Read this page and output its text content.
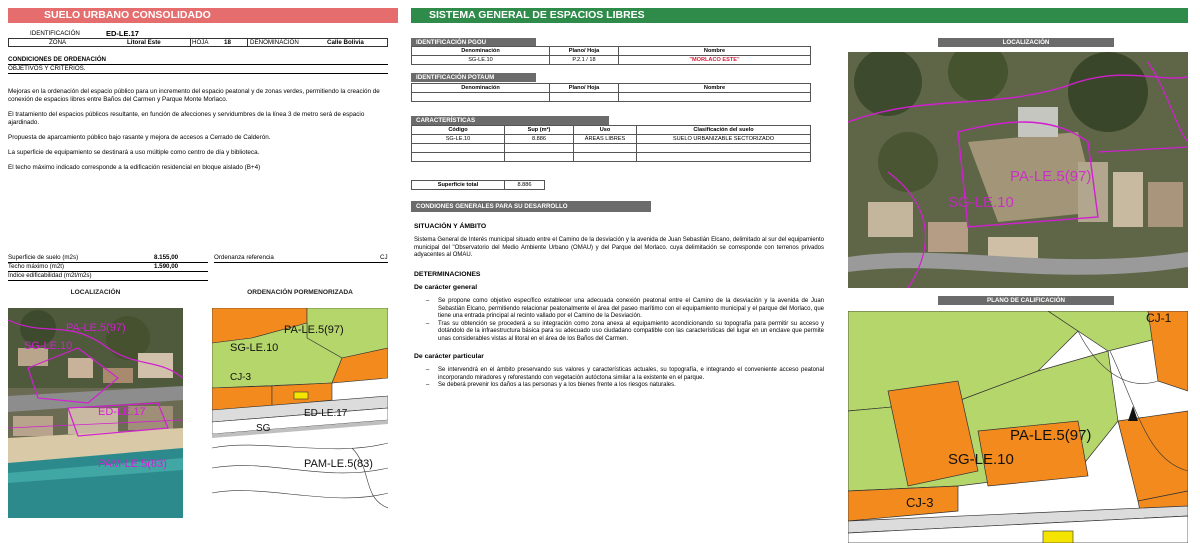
SUELO URBANO CONSOLIDADO
IDENTIFICACIÓN	ED-LE.17
ZONA	Litoral Este	HOJA 18	DENOMINACIÓN	Calle Bolivia
CONDICIONES DE ORDENACIÓN
OBJETIVOS Y CRITERIOS.

Mejoras en la ordenación del espacio público para un incremento del espacio peatonal y de zonas verdes, permitiendo la creación de conexión de espacios libres entre Baños del Carmen y Parque Monte Morlaco.

El tratamiento del espacios públicos resultante, en función de afecciones y servidumbres de la línea 3 de metro será de espacio ajardinado.

Propuesta de aparcamiento público bajo rasante y mejora de accesos a Cerrado de Calderón.

La superficie de equipamiento se destinará a uso múltiple como centro de día y biblioteca.

El techo máximo indicado corresponde a la edificación residencial en bloque aislado (B+4)

Superficie de suelo (m2s)	8.155,00	Ordenanza referencia	CJ
Techo máximo (m2t)	1.590,00
Índice edificabilidad (m2t/m2s)
LOCALIZACIÓN	ORDENACIÓN PORMENORIZADA
PA-LE.5(97)
SG-LE.10
ED-LE.17
PAM-LE.5(83)
PA-LE.5(97)
SG-LE.10
CJ-3
ED-LE.17
SG
PAM-LE.5(83)
SISTEMA GENERAL DE ESPACIOS LIBRES
IDENTIFICACIÓN PGOU
Denominación	Plano/ Hoja	Nombre
SG-LE.10	P.2.1 / 18	"MORLACO ESTE"
IDENTIFICACIÓN POTAUM
Denominación	Plano/ Hoja	Nombre

CARACTERÍSTICAS
Código	Sup (m²)	Uso	Clasificación del suelo
SG-LE.10	8.886	ÁREAS LIBRES	SUELO URBANIZABLE SECTORIZADO

Superficie total	8.886
CONDIONES GENERALES PARA SU DESARROLLO
SITUACIÓN Y ÁMBITO
Sistema General de Interés municipal situado entre el Camino de la desviación y la avenida de Juan Sebastián Elcano, delimitado al sur del equipamiento municipal del "Observatorio del Medio Ambiente Urbano (OMAU) y del Parque del Morlaco. cuya delimitación se corresponde con terrenos privados adyacentes al OMAU.
DETERMINACIONES
De carácter general
– Se propone como objetivo específico establecer una adecuada conexión peatonal entre el Camino de la desviación y la avenida de Juan Sebastián Elcano, permitiendo relacionar peatonalmente el área del paseo marítimo con el equipamiento municipal y el parque del Morlaco, que tiene una entrada principal al recinto vallado por el Camino de la Desviación.
– Tras su obtención se procederá a su integración como zona anexa al equipamiento acondicionando su topografía para permitir su acceso y dotándolo de la infraestructura básica para su adecuado uso ciudadano compatible con las características del lugar en un enclave que permite unas considerables vistas al litoral en el área de los Baños del Carmen.
De carácter particular
– Se intervendrá en el ámbito preservando sus valores y características actuales, su topografía, e integrando el conveniente acceso peatonal incorporando miradores y reforestando con vegetación autóctona similar a la existente en el parque.
– Se deberá prevenir los daños a las personas y a los bienes frente a los riesgos naturales.
LOCALIZACIÓN
PA-LE.5(97)
SG-LE.10
PLANO DE CALIFICACIÓN
CJ-1
PA-LE.5(97)
SG-LE.10
CJ-3
